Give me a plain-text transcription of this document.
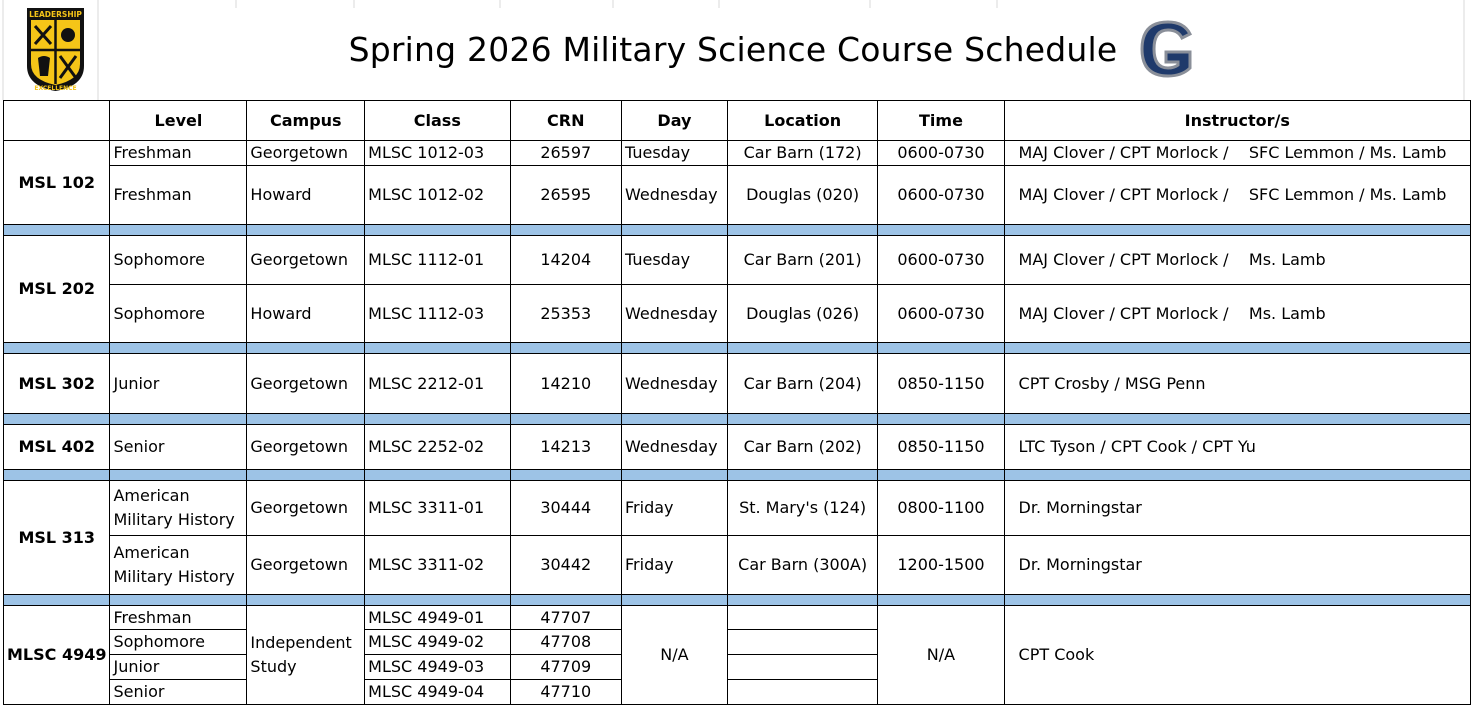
LEADERSHIP
EXCELLENCE
Spring 2026 Military Science Course Schedule
	Level	Campus	Class	CRN	Day	Location	Time	Instructor/s
MSL 102	Freshman	Georgetown	MLSC 1012-03	26597	Tuesday	Car Barn (172)	0600-0730	MAJ Clover / CPT Morlock /    SFC Lemmon / Ms. Lamb
	Freshman	Howard	MLSC 1012-02	26595	Wednesday	Douglas (020)	0600-0730	MAJ Clover / CPT Morlock /    SFC Lemmon / Ms. Lamb

MSL 202	Sophomore	Georgetown	MLSC 1112-01	14204	Tuesday	Car Barn (201)	0600-0730	MAJ Clover / CPT Morlock /    Ms. Lamb
	Sophomore	Howard	MLSC 1112-03	25353	Wednesday	Douglas (026)	0600-0730	MAJ Clover / CPT Morlock /    Ms. Lamb

MSL 302	Junior	Georgetown	MLSC 2212-01	14210	Wednesday	Car Barn (204)	0850-1150	CPT Crosby / MSG Penn

MSL 402	Senior	Georgetown	MLSC 2252-02	14213	Wednesday	Car Barn (202)	0850-1150	LTC Tyson / CPT Cook / CPT Yu

MSL 313	American Military History	Georgetown	MLSC 3311-01	30444	Friday	St. Mary's (124)	0800-1100	Dr. Morningstar
	American Military History	Georgetown	MLSC 3311-02	30442	Friday	Car Barn (300A)	1200-1500	Dr. Morningstar

MLSC 4949	Freshman	Independent Study	MLSC 4949-01	47707	N/A		N/A	CPT Cook
	Sophomore		MLSC 4949-02	47708				
	Junior		MLSC 4949-03	47709				
	Senior		MLSC 4949-04	47710				
